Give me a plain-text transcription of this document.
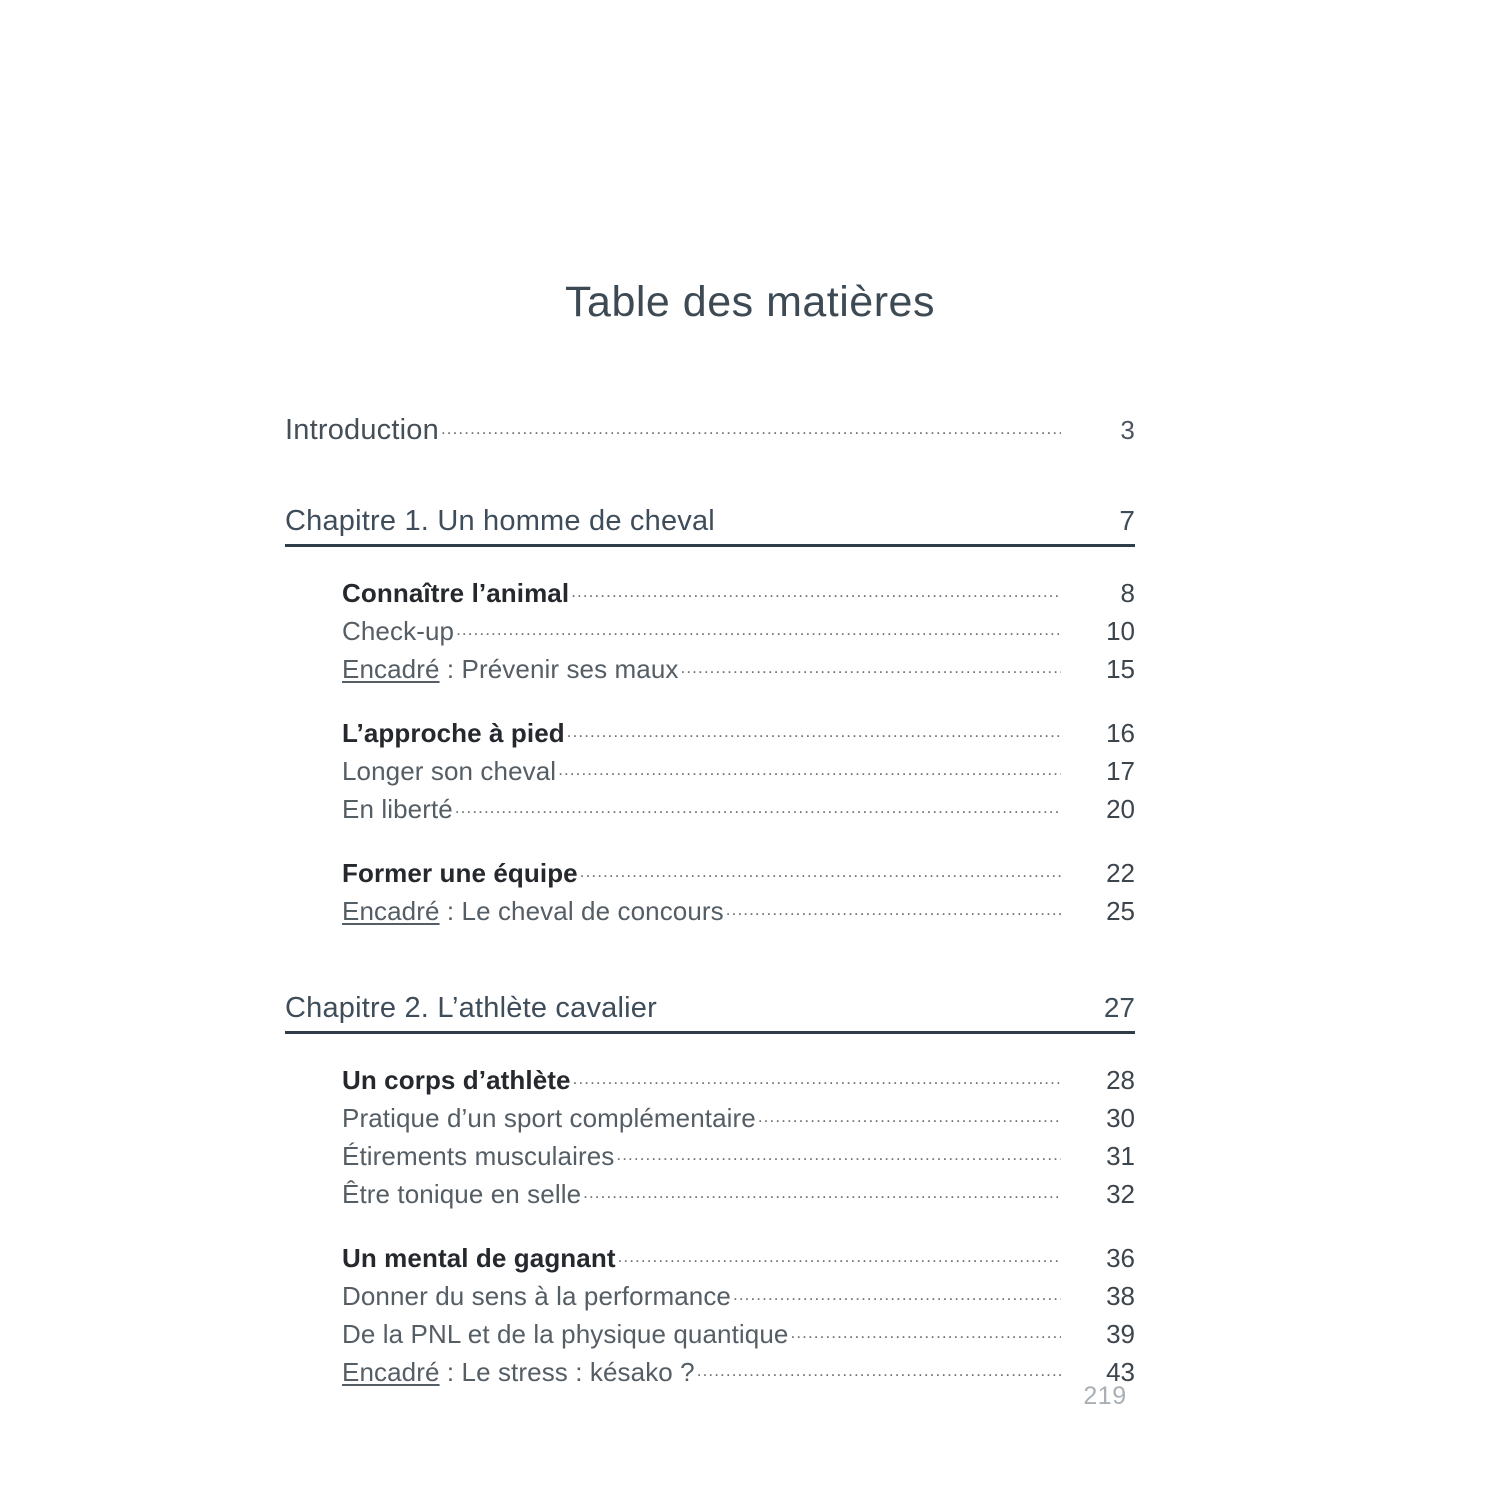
Table des matières
Introduction .....	3
Chapitre 1. Un homme de cheval	7
Connaître l’animal .....	8
Check-up .....	10
Encadré : Prévenir ses maux .....	15
L’approche à pied .....	16
Longer son cheval .....	17
En liberté .....	20
Former une équipe .....	22
Encadré : Le cheval de concours .....	25
Chapitre 2. L’athlète cavalier	27
Un corps d’athlète .....	28
Pratique d’un sport complémentaire .....	30
Étirements musculaires .....	31
Être tonique en selle .....	32
Un mental de gagnant .....	36
Donner du sens à la performance .....	38
De la PNL et de la physique quantique .....	39
Encadré : Le stress : késako ? .....	43
219
